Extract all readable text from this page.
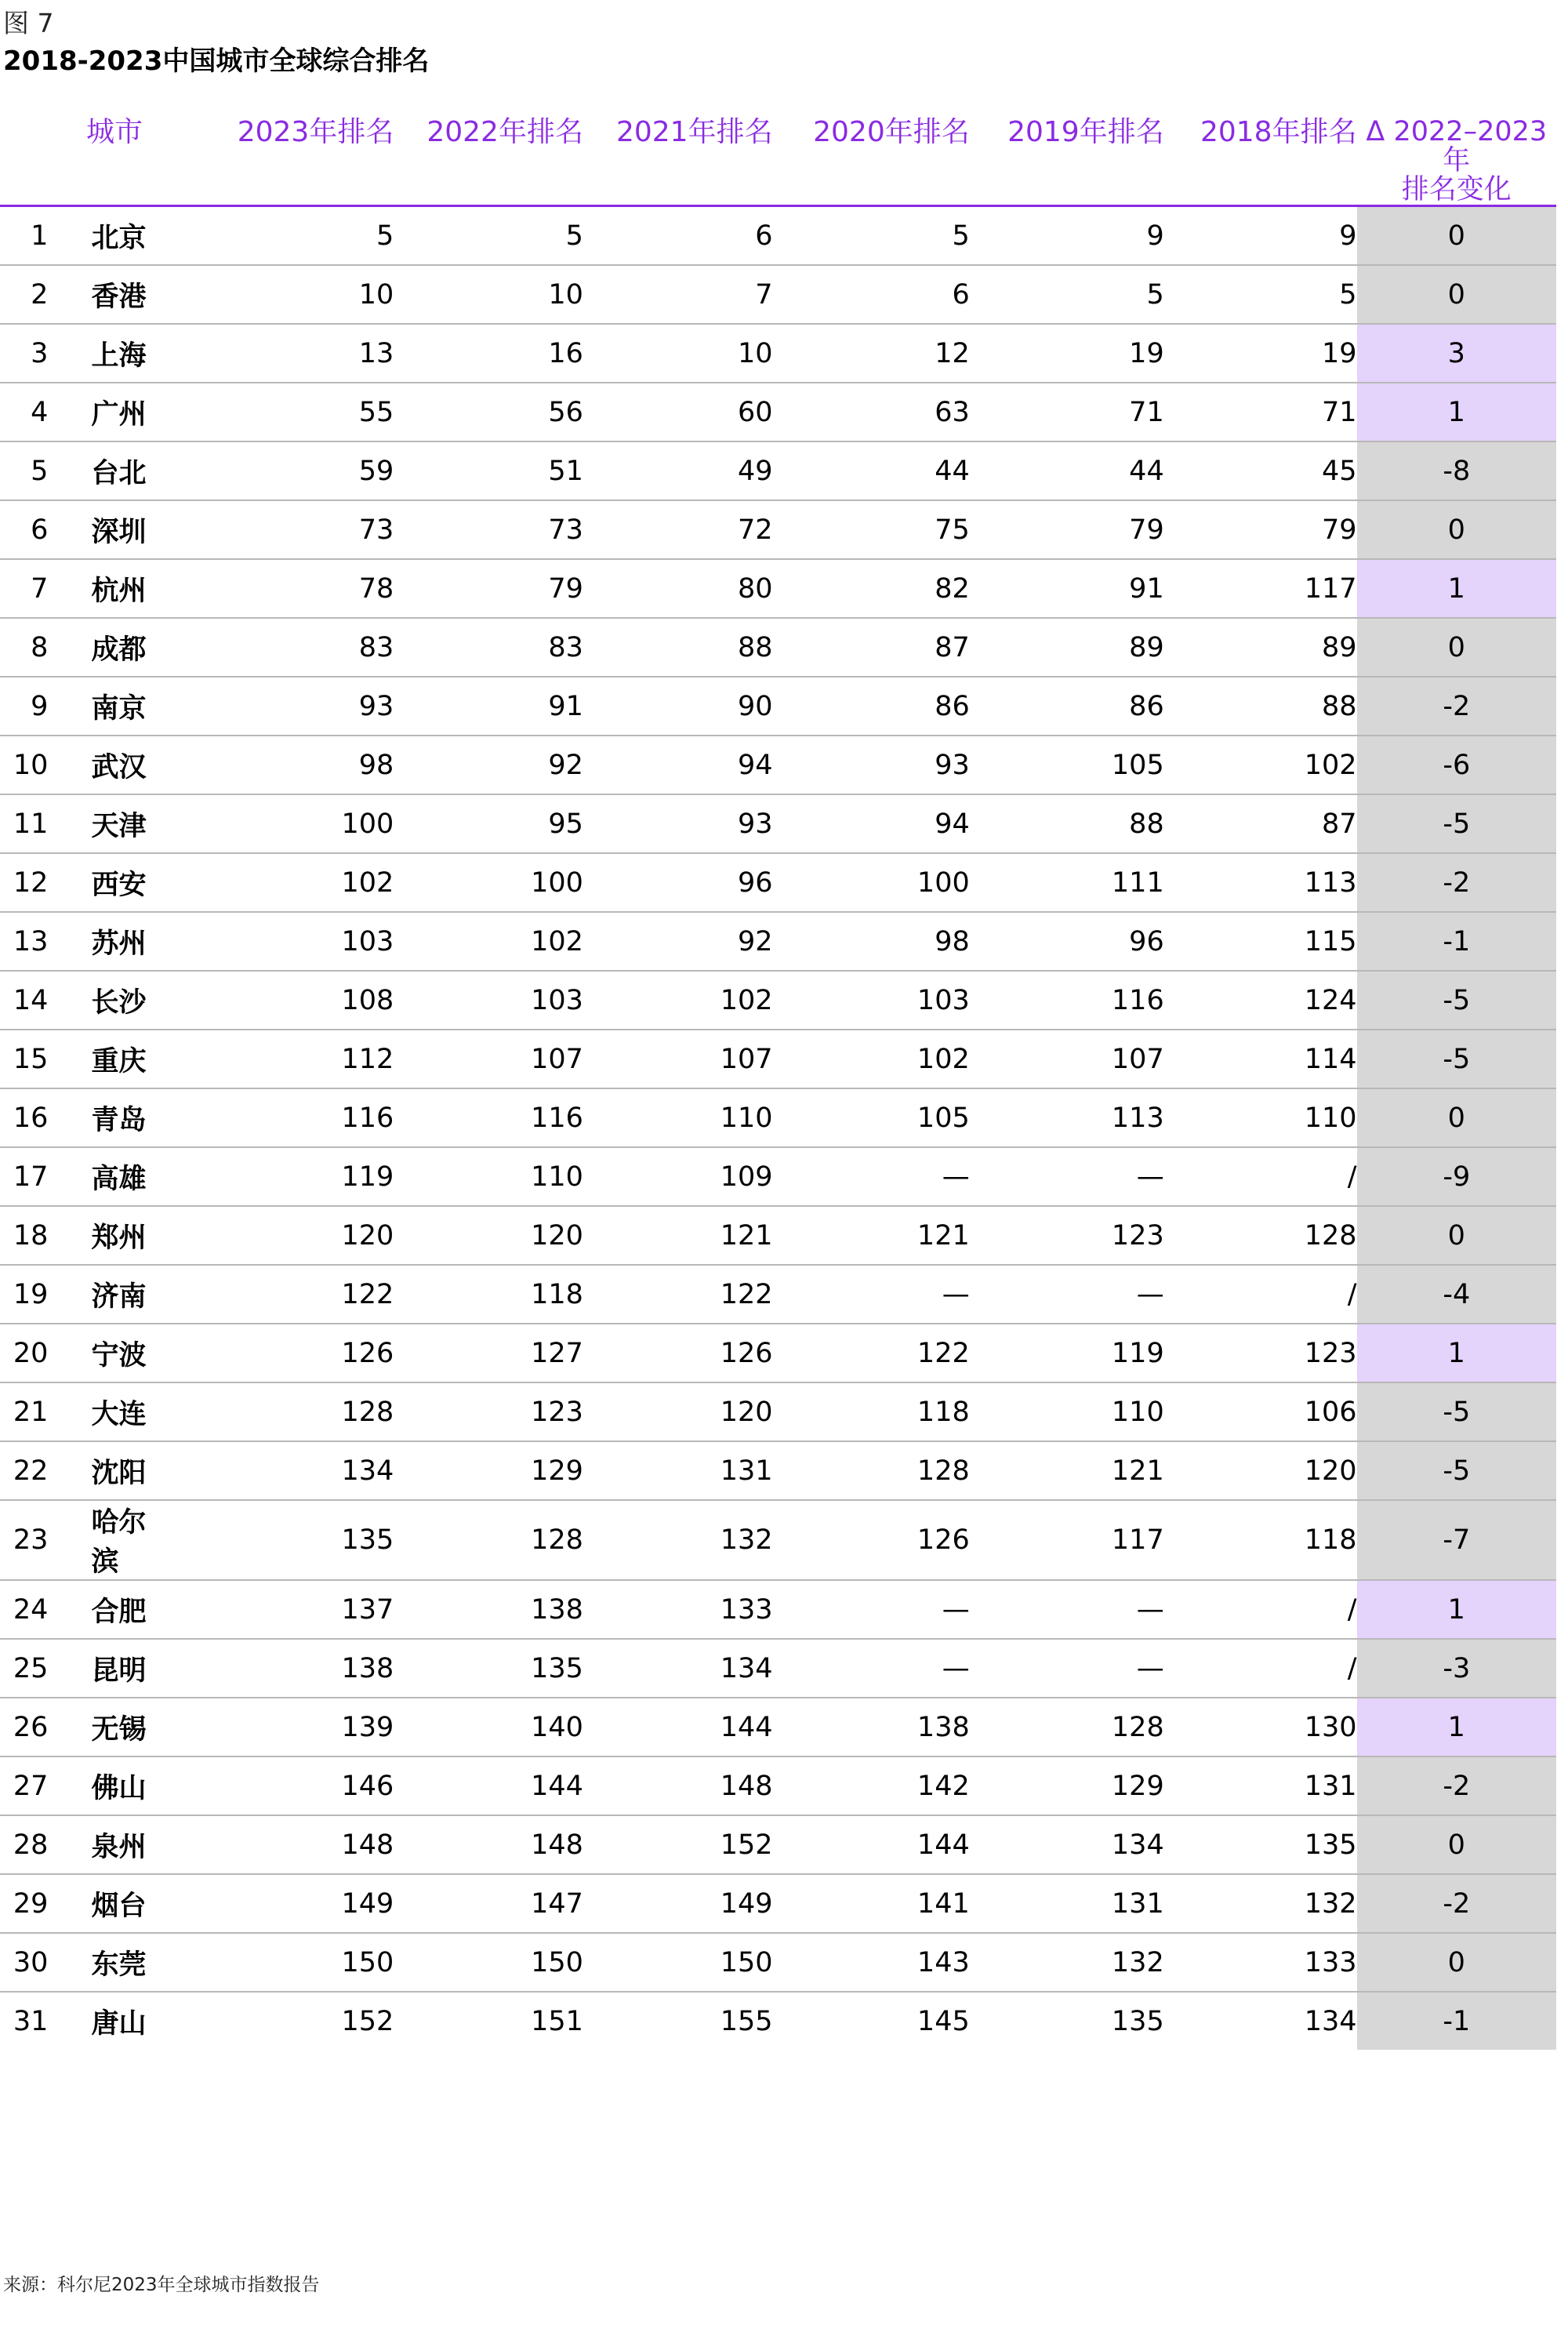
图 7
2018-2023中国城市全球综合排名
城市		2023年排名	2022年排名	2021年排名	2020年排名	2019年排名	2018年排名	Δ 2022–2023年
排名变化

1	北京	5	5	6	5	9	9	0
2	香港	10	10	7	6	5	5	0
3	上海	13	16	10	12	19	19	3
4	广州	55	56	60	63	71	71	1
5	台北	59	51	49	44	44	45	-8
6	深圳	73	73	72	75	79	79	0
7	杭州	78	79	80	82	91	117	1
8	成都	83	83	88	87	89	89	0
9	南京	93	91	90	86	86	88	-2
10	武汉	98	92	94	93	105	102	-6
11	天津	100	95	93	94	88	87	-5
12	西安	102	100	96	100	111	113	-2
13	苏州	103	102	92	98	96	115	-1
14	长沙	108	103	102	103	116	124	-5
15	重庆	112	107	107	102	107	114	-5
16	青岛	116	116	110	105	113	110	0
17	高雄	119	110	109	—	—	/	-9
18	郑州	120	120	121	121	123	128	0
19	济南	122	118	122	—	—	/	-4
20	宁波	126	127	126	122	119	123	1
21	大连	128	123	120	118	110	106	-5
22	沈阳	134	129	131	128	121	120	-5
23	哈尔滨	135	128	132	126	117	118	-7
24	合肥	137	138	133	—	—	/	1
25	昆明	138	135	134	—	—	/	-3
26	无锡	139	140	144	138	128	130	1
27	佛山	146	144	148	142	129	131	-2
28	泉州	148	148	152	144	134	135	0
29	烟台	149	147	149	141	131	132	-2
30	东莞	150	150	150	143	132	133	0
31	唐山	152	151	155	145	135	134	-1
来源：科尔尼2023年全球城市指数报告
